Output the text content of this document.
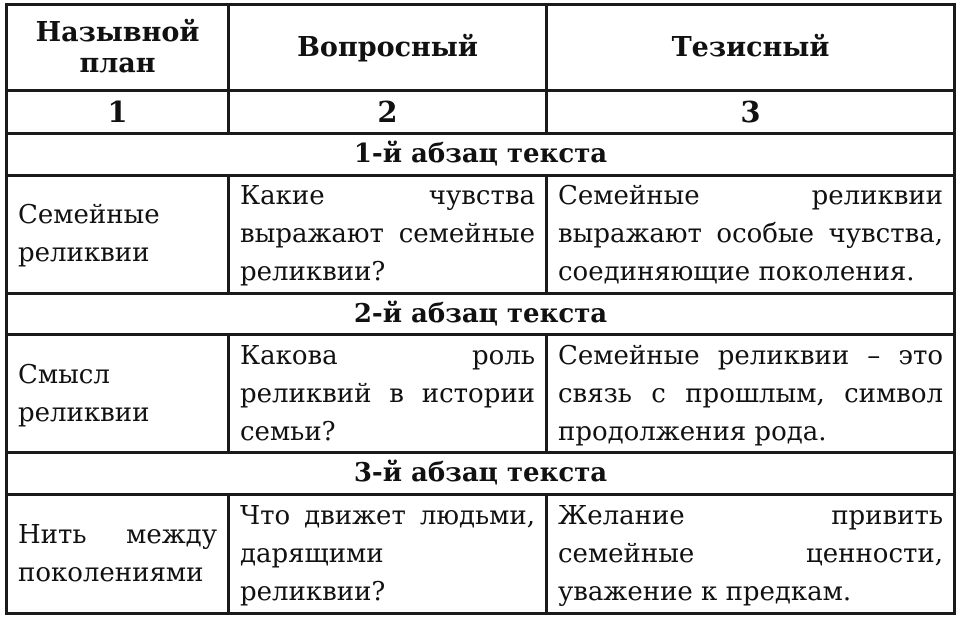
Назывной план	Вопросный	Тезисный
1	2	3
1-й абзац текста		
Семейные реликвии	Какие чувства выражают семейные реликвии?	Семейные реликвии выражают особые чувства, соединяющие поколения.
2-й абзац текста		
Смысл реликвии	Какова роль реликвий в истории семьи?	Семейные реликвии – это связь с прошлым, символ продолжения рода.
3-й абзац текста		
Нить между поколениями	Что движет людьми, дарящими реликвии?	Желание привить семейные ценности, уважение к предкам.
